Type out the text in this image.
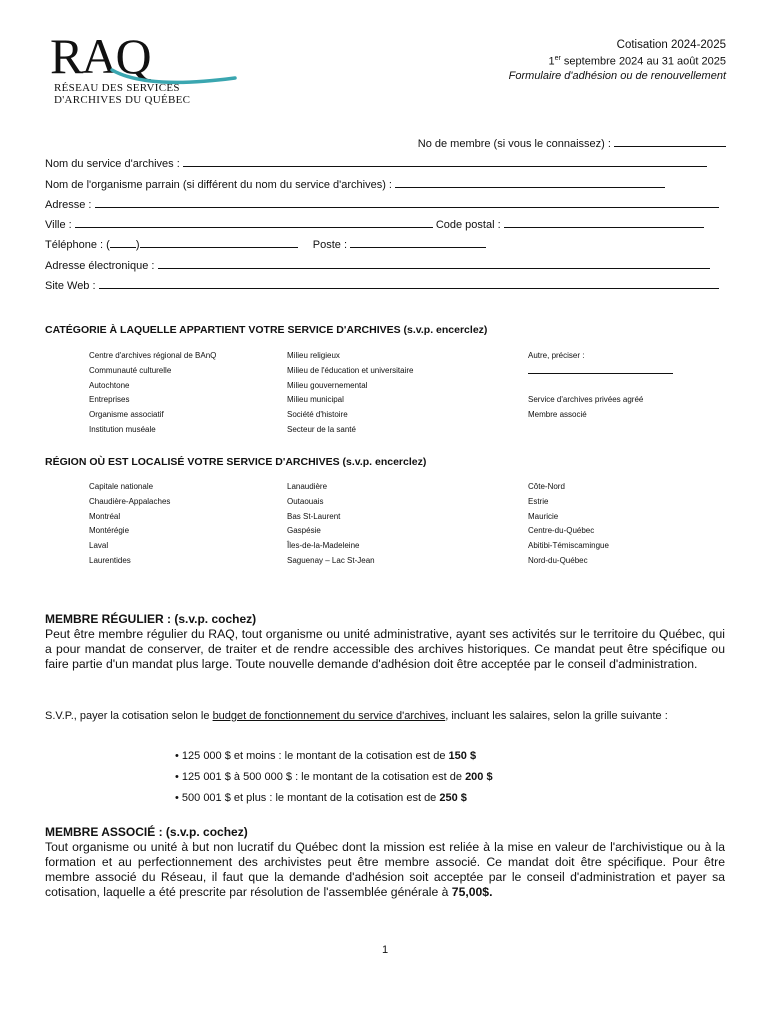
RAQ
RÉSEAU DES SERVICES
D'ARCHIVES DU QUÉBEC
Cotisation 2024-2025
1er septembre 2024 au 31 août 2025
Formulaire d'adhésion ou de renouvellement
No de membre (si vous le connaissez) :
Nom du service d'archives :
Nom de l'organisme parrain (si différent du nom du service d'archives) :
Adresse :
Ville :	Code postal :
Téléphone : ( )	Poste :
Adresse électronique :
Site Web :
CATÉGORIE À LAQUELLE APPARTIENT VOTRE SERVICE D'ARCHIVES (s.v.p. encerclez)
Centre d'archives régional de BAnQ
Communauté culturelle
Autochtone
Entreprises
Organisme associatif
Institution muséale
Milieu religieux
Milieu de l'éducation et universitaire
Milieu gouvernemental
Milieu municipal
Société d'histoire
Secteur de la santé
Autre, préciser :
Service d'archives privées agréé
Membre associé
RÉGION OÙ EST LOCALISÉ VOTRE SERVICE D'ARCHIVES (s.v.p. encerclez)
Capitale nationale
Chaudière-Appalaches
Montréal
Montérégie
Laval
Laurentides
Lanaudière
Outaouais
Bas St-Laurent
Gaspésie
Îles-de-la-Madeleine
Saguenay – Lac St-Jean
Côte-Nord
Estrie
Mauricie
Centre-du-Québec
Abitibi-Témiscamingue
Nord-du-Québec
MEMBRE RÉGULIER : (s.v.p. cochez)
Peut être membre régulier du RAQ, tout organisme ou unité administrative, ayant ses activités sur le territoire du Québec, qui a pour mandat de conserver, de traiter et de rendre accessible des archives historiques. Ce mandat peut être spécifique ou faire partie d'un mandat plus large. Toute nouvelle demande d'adhésion doit être acceptée par le conseil d'administration.
S.V.P., payer la cotisation selon le budget de fonctionnement du service d'archives, incluant les salaires, selon la grille suivante :
• 125 000 $ et moins : le montant de la cotisation est de 150 $
• 125 001 $ à 500 000 $ : le montant de la cotisation est de 200 $
• 500 001 $ et plus : le montant de la cotisation est de 250 $
MEMBRE ASSOCIÉ : (s.v.p. cochez)
Tout organisme ou unité à but non lucratif du Québec dont la mission est reliée à la mise en valeur de l'archivistique ou à la formation et au perfectionnement des archivistes peut être membre associé. Ce mandat doit être spécifique. Pour être membre associé du Réseau, il faut que la demande d'adhésion soit acceptée par le conseil d'administration et payer sa cotisation, laquelle a été prescrite par résolution de l'assemblée générale à 75,00$.
1
